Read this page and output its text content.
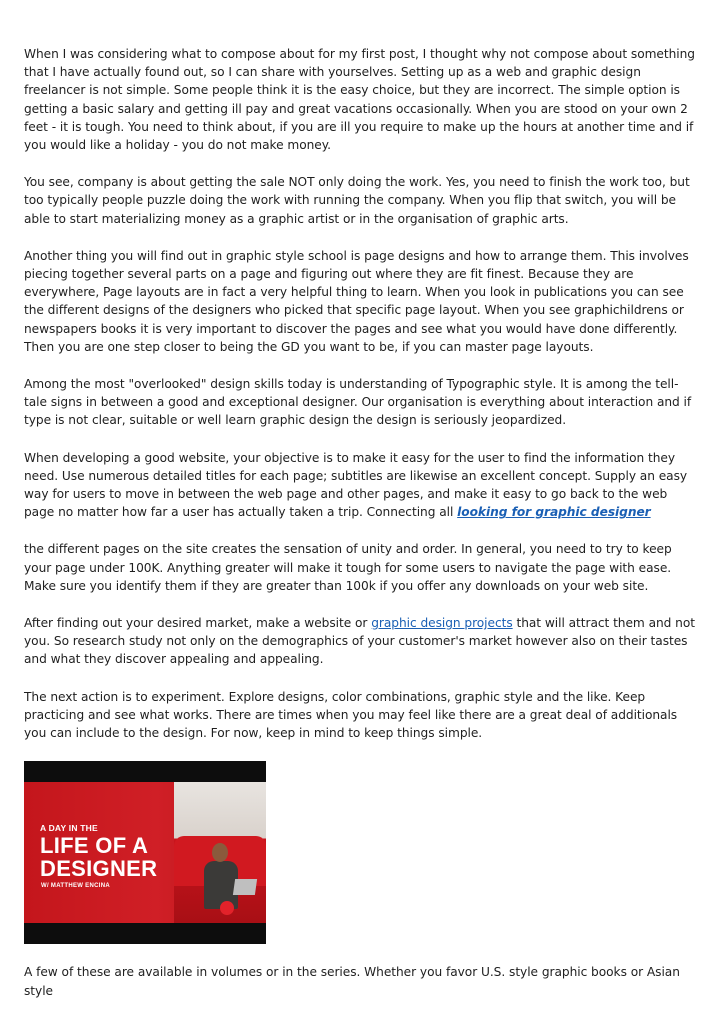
When I was considering what to compose about for my first post, I thought why not compose about something that I have actually found out, so I can share with yourselves. Setting up as a web and graphic design freelancer is not simple. Some people think it is the easy choice, but they are incorrect. The simple option is getting a basic salary and getting ill pay and great vacations occasionally. When you are stood on your own 2 feet - it is tough. You need to think about, if you are ill you require to make up the hours at another time and if you would like a holiday - you do not make money.

You see, company is about getting the sale NOT only doing the work. Yes, you need to finish the work too, but too typically people puzzle doing the work with running the company. When you flip that switch, you will be able to start materializing money as a graphic artist or in the organisation of graphic arts.

Another thing you will find out in graphic style school is page designs and how to arrange them. This involves piecing together several parts on a page and figuring out where they are fit finest. Because they are everywhere, Page layouts are in fact a very helpful thing to learn. When you look in publications you can see the different designs of the designers who picked that specific page layout. When you see graphichildrens or newspapers books it is very important to discover the pages and see what you would have done differently. Then you are one step closer to being the GD you want to be, if you can master page layouts.

Among the most "overlooked" design skills today is understanding of Typographic style. It is among the tell-tale signs in between a good and exceptional designer. Our organisation is everything about interaction and if type is not clear, suitable or well learn graphic design the design is seriously jeopardized.

When developing a good website, your objective is to make it easy for the user to find the information they need. Use numerous detailed titles for each page; subtitles are likewise an excellent concept. Supply an easy way for users to move in between the web page and other pages, and make it easy to go back to the web page no matter how far a user has actually taken a trip. Connecting all looking for graphic designer

the different pages on the site creates the sensation of unity and order. In general, you need to try to keep your page under 100K. Anything greater will make it tough for some users to navigate the page with ease. Make sure you identify them if they are greater than 100k if you offer any downloads on your web site.

After finding out your desired market, make a website or graphic design projects that will attract them and not you. So research study not only on the demographics of your customer's market however also on their tastes and what they discover appealing and appealing.

The next action is to experiment. Explore designs, color combinations, graphic style and the like. Keep practicing and see what works. There are times when you may feel like there are a great deal of additionals you can include to the design. For now, keep in mind to keep things simple.

A DAY IN THE
LIFE OF A
DESIGNER
W/ MATTHEW ENCINA

A few of these are available in volumes or in the series. Whether you favor U.S. style graphic books or Asian style
